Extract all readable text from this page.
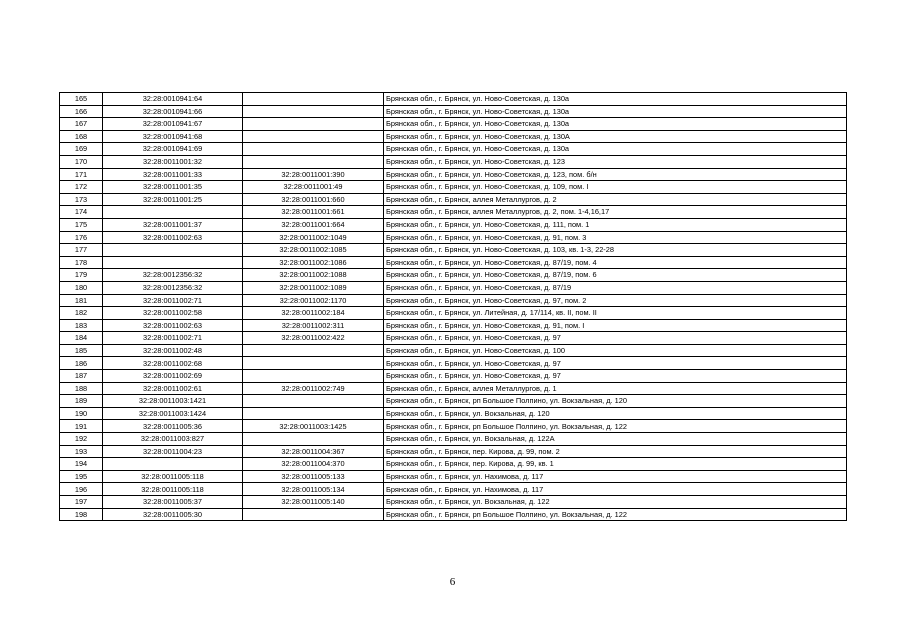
165	32:28:0010941:64		Брянская обл., г. Брянск, ул. Ново-Советская, д. 130а
166	32:28:0010941:66		Брянская обл., г. Брянск, ул. Ново-Советская, д. 130а
167	32:28:0010941:67		Брянская обл., г. Брянск, ул. Ново-Советская, д. 130а
168	32:28:0010941:68		Брянская обл., г. Брянск, ул. Ново-Советская, д. 130А
169	32:28:0010941:69		Брянская обл., г. Брянск, ул. Ново-Советская, д. 130а
170	32:28:0011001:32		Брянская обл., г. Брянск, ул. Ново-Советская, д. 123
171	32:28:0011001:33	32:28:0011001:390	Брянская обл., г. Брянск, ул. Ново-Советская, д. 123, пом. б/н
172	32:28:0011001:35	32:28:0011001:49	Брянская обл., г. Брянск, ул. Ново-Советская, д. 109, пом. I
173	32:28:0011001:25	32:28:0011001:660	Брянская обл., г. Брянск, аллея Металлургов, д. 2
174		32:28:0011001:661	Брянская обл., г. Брянск, аллея Металлургов, д. 2, пом. 1-4,16,17
175	32:28:0011001:37	32:28:0011001:664	Брянская обл., г. Брянск, ул. Ново-Советская, д. 111, пом. 1
176	32:28:0011002:63	32:28:0011002:1049	Брянская обл., г. Брянск, ул. Ново-Советская, д. 91, пом. 3
177		32:28:0011002:1085	Брянская обл., г. Брянск, ул. Ново-Советская, д. 103, кв. 1-3, 22-28
178		32:28:0011002:1086	Брянская обл., г. Брянск, ул. Ново-Советская, д. 87/19, пом. 4
179	32:28:0012356:32	32:28:0011002:1088	Брянская обл., г. Брянск, ул. Ново-Советская, д. 87/19, пом. 6
180	32:28:0012356:32	32:28:0011002:1089	Брянская обл., г. Брянск, ул. Ново-Советская, д. 87/19
181	32:28:0011002:71	32:28:0011002:1170	Брянская обл., г. Брянск, ул. Ново-Советская, д. 97, пом. 2
182	32:28:0011002:58	32:28:0011002:184	Брянская обл., г. Брянск, ул. Литейная, д. 17/114, кв. II, пом. II
183	32:28:0011002:63	32:28:0011002:311	Брянская обл., г. Брянск, ул. Ново-Советская, д. 91, пом. I
184	32:28:0011002:71	32:28:0011002:422	Брянская обл., г. Брянск, ул. Ново-Советская, д. 97
185	32:28:0011002:48		Брянская обл., г. Брянск, ул. Ново-Советская, д. 100
186	32:28:0011002:68		Брянская обл., г. Брянск, ул. Ново-Советская, д. 97
187	32:28:0011002:69		Брянская обл., г. Брянск, ул. Ново-Советская, д. 97
188	32:28:0011002:61	32:28:0011002:749	Брянская обл., г. Брянск, аллея Металлургов, д. 1
189	32:28:0011003:1421		Брянская обл., г. Брянск, рп Большое Полпино, ул. Вокзальная, д. 120
190	32:28:0011003:1424		Брянская обл., г. Брянск, ул. Вокзальная, д. 120
191	32:28:0011005:36	32:28:0011003:1425	Брянская обл., г. Брянск, рп Большое Полпино, ул. Вокзальная, д. 122
192	32:28:0011003:827		Брянская обл., г. Брянск, ул. Вокзальная, д. 122А
193	32:28:0011004:23	32:28:0011004:367	Брянская обл., г. Брянск, пер. Кирова, д. 99, пом. 2
194		32:28:0011004:370	Брянская обл., г. Брянск, пер. Кирова, д. 99, кв. 1
195	32:28:0011005:118	32:28:0011005:133	Брянская обл., г. Брянск, ул. Нахимова, д. 117
196	32:28:0011005:118	32:28:0011005:134	Брянская обл., г. Брянск, ул. Нахимова, д. 117
197	32:28:0011005:37	32:28:0011005:140	Брянская обл., г. Брянск, ул. Вокзальная, д. 122
198	32:28:0011005:30		Брянская обл., г. Брянск, рп Большое Полпино, ул. Вокзальная, д. 122
6
